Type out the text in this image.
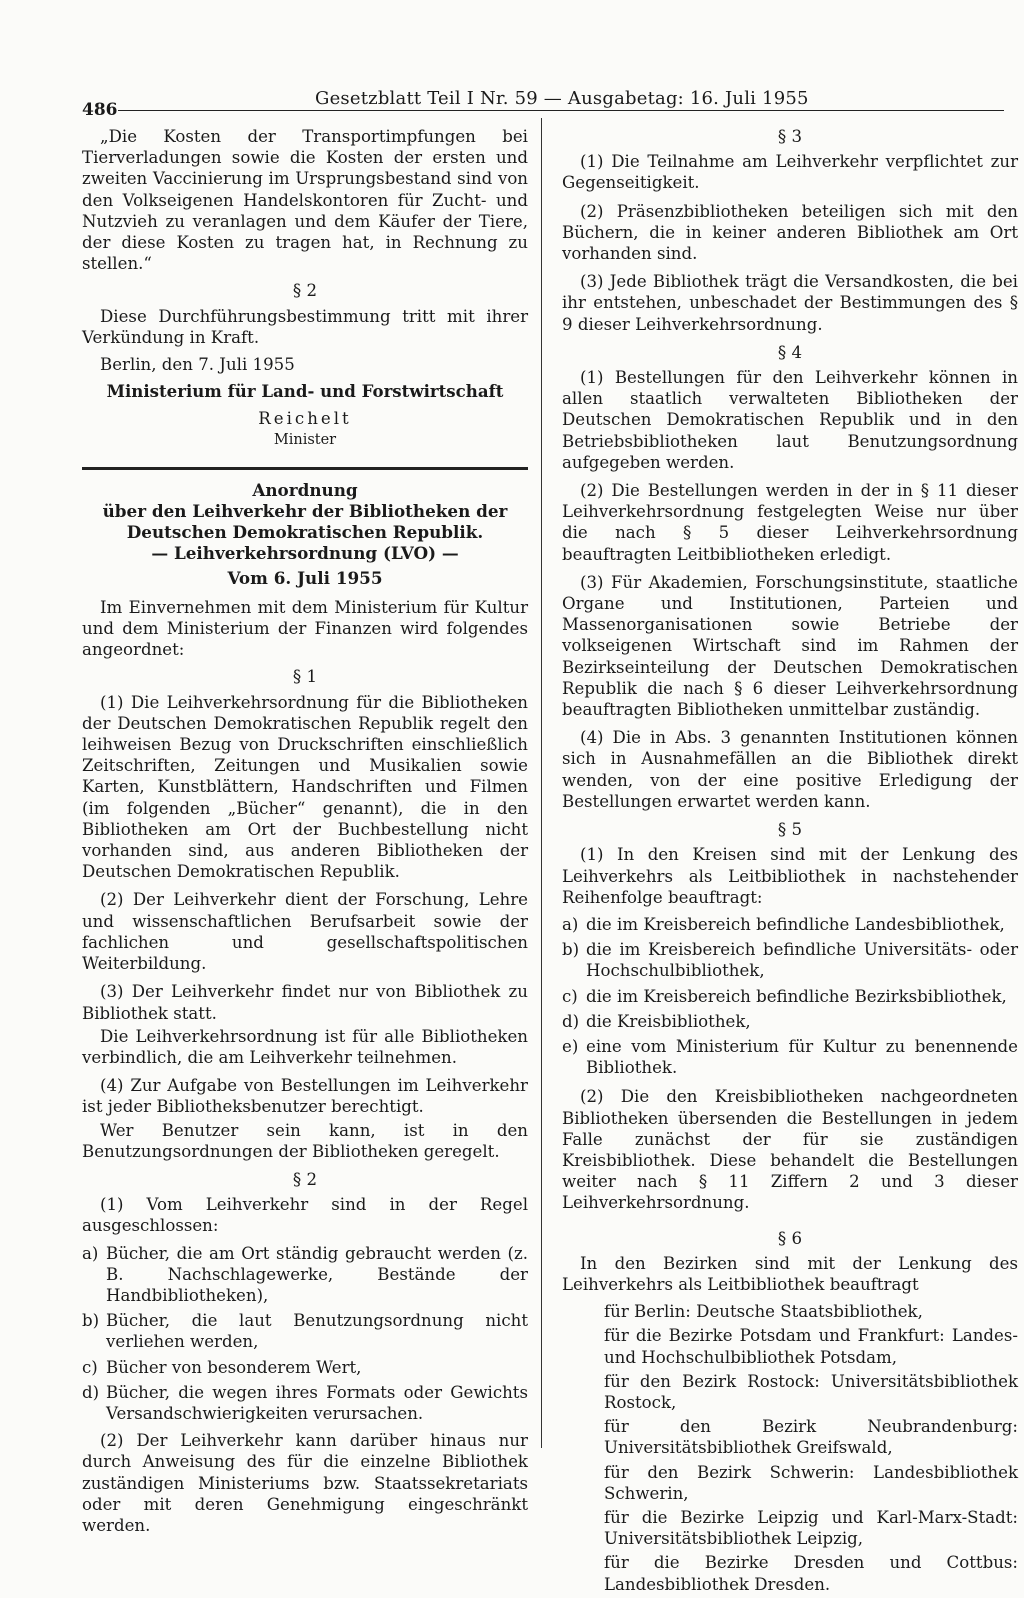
486
Gesetzblatt Teil I Nr. 59 — Ausgabetag: 16. Juli 1955

„Die Kosten der Transportimpfungen bei Tierverladungen sowie die Kosten der ersten und zweiten Vaccinierung im Ursprungsbestand sind von den Volkseigenen Handelskontoren für Zucht- und Nutzvieh zu veranlagen und dem Käufer der Tiere, der diese Kosten zu tragen hat, in Rechnung zu stellen.“

§ 2

Diese Durchführungsbestimmung tritt mit ihrer Verkündung in Kraft.

Berlin, den 7. Juli 1955

Ministerium für Land- und Forstwirtschaft

Reichelt

Minister

Anordnung
über den Leihverkehr der Bibliotheken der
Deutschen Demokratischen Republik.
— Leihverkehrsordnung (LVO) —
Vom 6. Juli 1955

Im Einvernehmen mit dem Ministerium für Kultur und dem Ministerium der Finanzen wird folgendes angeordnet:

§ 1

(1) Die Leihverkehrsordnung für die Bibliotheken der Deutschen Demokratischen Republik regelt den leihweisen Bezug von Druckschriften einschließlich Zeitschriften, Zeitungen und Musikalien sowie Karten, Kunstblättern, Handschriften und Filmen (im folgenden „Bücher“ genannt), die in den Bibliotheken am Ort der Buchbestellung nicht vorhanden sind, aus anderen Bibliotheken der Deutschen Demokratischen Republik.

(2) Der Leihverkehr dient der Forschung, Lehre und wissenschaftlichen Berufsarbeit sowie der fachlichen und gesellschaftspolitischen Weiterbildung.

(3) Der Leihverkehr findet nur von Bibliothek zu Bibliothek statt.

Die Leihverkehrsordnung ist für alle Bibliotheken verbindlich, die am Leihverkehr teilnehmen.

(4) Zur Aufgabe von Bestellungen im Leihverkehr ist jeder Bibliotheksbenutzer berechtigt.

Wer Benutzer sein kann, ist in den Benutzungsordnungen der Bibliotheken geregelt.

§ 2

(1) Vom Leihverkehr sind in der Regel ausgeschlossen:

a) Bücher, die am Ort ständig gebraucht werden (z. B. Nachschlagewerke, Bestände der Handbibliotheken),
b) Bücher, die laut Benutzungsordnung nicht verliehen werden,
c) Bücher von besonderem Wert,
d) Bücher, die wegen ihres Formats oder Gewichts Versandschwierigkeiten verursachen.

(2) Der Leihverkehr kann darüber hinaus nur durch Anweisung des für die einzelne Bibliothek zuständigen Ministeriums bzw. Staatssekretariats oder mit deren Genehmigung eingeschränkt werden.

§ 3

(1) Die Teilnahme am Leihverkehr verpflichtet zur Gegenseitigkeit.

(2) Präsenzbibliotheken beteiligen sich mit den Büchern, die in keiner anderen Bibliothek am Ort vorhanden sind.

(3) Jede Bibliothek trägt die Versandkosten, die bei ihr entstehen, unbeschadet der Bestimmungen des § 9 dieser Leihverkehrsordnung.

§ 4

(1) Bestellungen für den Leihverkehr können in allen staatlich verwalteten Bibliotheken der Deutschen Demokratischen Republik und in den Betriebsbibliotheken laut Benutzungsordnung aufgegeben werden.

(2) Die Bestellungen werden in der in § 11 dieser Leihverkehrsordnung festgelegten Weise nur über die nach § 5 dieser Leihverkehrsordnung beauftragten Leitbibliotheken erledigt.

(3) Für Akademien, Forschungsinstitute, staatliche Organe und Institutionen, Parteien und Massenorganisationen sowie Betriebe der volkseigenen Wirtschaft sind im Rahmen der Bezirkseinteilung der Deutschen Demokratischen Republik die nach § 6 dieser Leihverkehrsordnung beauftragten Bibliotheken unmittelbar zuständig.

(4) Die in Abs. 3 genannten Institutionen können sich in Ausnahmefällen an die Bibliothek direkt wenden, von der eine positive Erledigung der Bestellungen erwartet werden kann.

§ 5

(1) In den Kreisen sind mit der Lenkung des Leihverkehrs als Leitbibliothek in nachstehender Reihenfolge beauftragt:

a) die im Kreisbereich befindliche Landesbibliothek,
b) die im Kreisbereich befindliche Universitäts- oder Hochschulbibliothek,
c) die im Kreisbereich befindliche Bezirksbibliothek,
d) die Kreisbibliothek,
e) eine vom Ministerium für Kultur zu benennende Bibliothek.

(2) Die den Kreisbibliotheken nachgeordneten Bibliotheken übersenden die Bestellungen in jedem Falle zunächst der für sie zuständigen Kreisbibliothek. Diese behandelt die Bestellungen weiter nach § 11 Ziffern 2 und 3 dieser Leihverkehrsordnung.

§ 6

In den Bezirken sind mit der Lenkung des Leihverkehrs als Leitbibliothek beauftragt

für Berlin: Deutsche Staatsbibliothek,

für die Bezirke Potsdam und Frankfurt: Landes- und Hochschulbibliothek Potsdam,

für den Bezirk Rostock: Universitätsbibliothek Rostock,

für den Bezirk Neubrandenburg: Universitätsbibliothek Greifswald,

für den Bezirk Schwerin: Landesbibliothek Schwerin,

für die Bezirke Leipzig und Karl-Marx-Stadt: Universitätsbibliothek Leipzig,

für die Bezirke Dresden und Cottbus: Landesbibliothek Dresden.
